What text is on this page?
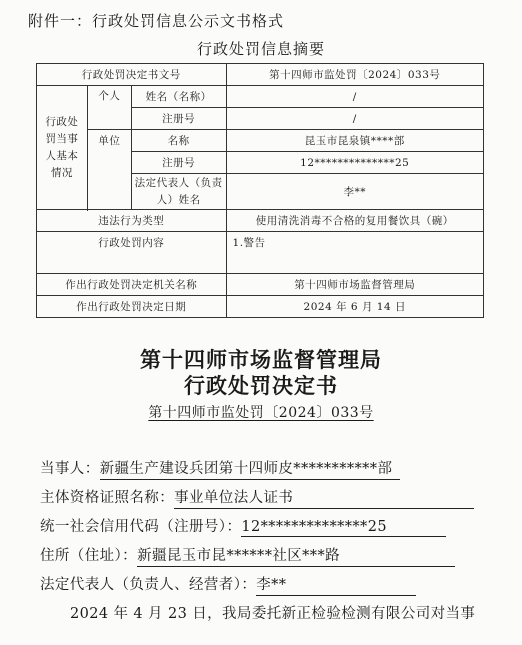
附件一：行政处罚信息公示文书格式
行政处罚信息摘要
行政处罚决定书文号			第十四师市监处罚〔2024〕033号
行政处罚当事人基本情况	个人	姓名（名称）	/
		注册号	/
	单位	名称	昆玉市昆泉镇****部
		注册号	12**************25
		法定代表人（负责人）姓名	李**

违法行为类型			使用清洗消毒不合格的复用餐饮具（碗）
行政处罚内容			1.警告
作出行政处罚决定机关名称			第十四师市场监督管理局
作出行政处罚决定日期			2024 年 6 月 14 日
第十四师市场监督管理局
行政处罚决定书
第十四师市监处罚〔2024〕033号
当事人：新疆生产建设兵团第十四师皮***********部
主体资格证照名称：事业单位法人证书
统一社会信用代码（注册号）：12**************25
住所（住址）：新疆昆玉市昆******社区***路
法定代表人（负责人、经营者）：李**
2024 年 4 月 23 日，我局委托新正检验检测有限公司对当事
